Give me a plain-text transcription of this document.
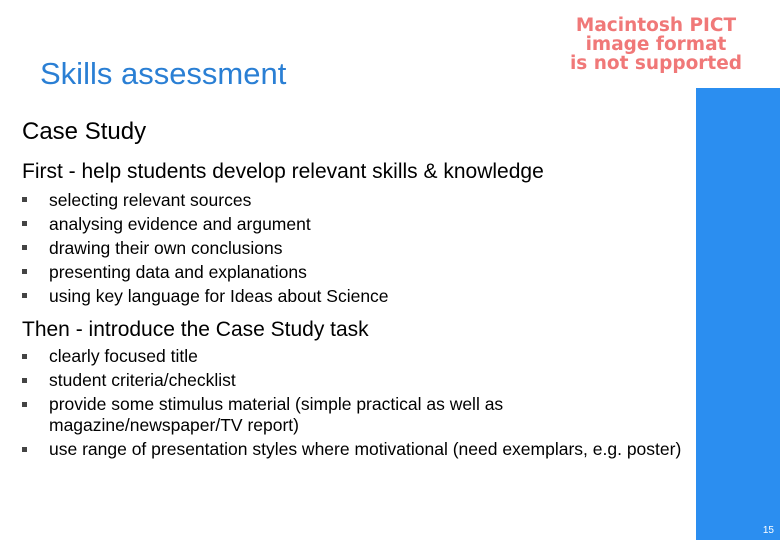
Macintosh PICT
image format
is not supported
Skills assessment
15
Case Study
First - help students develop relevant skills & knowledge
selecting relevant sources
analysing evidence and argument
drawing their own conclusions
presenting data and explanations
using key language for Ideas about Science
Then - introduce the Case Study task
clearly focused title
student criteria/checklist
provide some stimulus material (simple practical as well as magazine/newspaper/TV report)
use range of presentation styles where motivational (need exemplars, e.g. poster)
